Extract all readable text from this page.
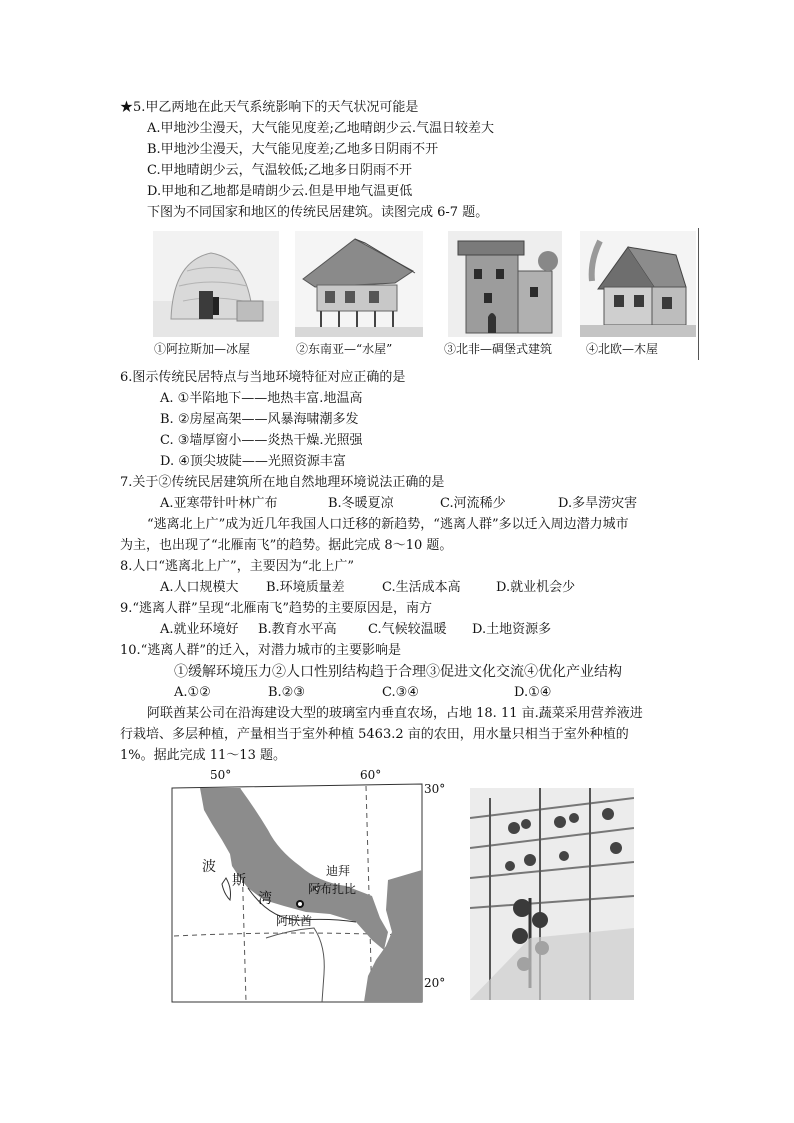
★5.甲乙两地在此天气系统影响下的天气状况可能是
A.甲地沙尘漫天，大气能见度差;乙地晴朗少云.气温日较差大
B.甲地沙尘漫天，大气能见度差;乙地多日阴雨不开
C.甲地晴朗少云，气温较低;乙地多日阴雨不开
D.甲地和乙地都是晴朗少云.但是甲地气温更低
下图为不同国家和地区的传统民居建筑。读图完成 6-7 题。
①阿拉斯加—冰屋	②东南亚—“水屋”	③北非—碉堡式建筑	④北欧—木屋
6.图示传统民居特点与当地环境特征对应正确的是
A. ①半陷地下——地热丰富.地温高
B. ②房屋高架——风暴海啸潮多发
C. ③墙厚窗小——炎热干燥.光照强
D. ④顶尖坡陡——光照资源丰富
7.关于②传统民居建筑所在地自然地理环境说法正确的是
A.亚寒带针叶林广布	B.冬暖夏凉	C.河流稀少	D.多旱涝灾害
“逃离北上广”成为近几年我国人口迁移的新趋势，“逃离人群”多以迁入周边潜力城市
为主，也出现了“北雁南飞”的趋势。据此完成 8～10 题。
8.人口“逃离北上广”，主要因为“北上广”
A.人口规模大 B.环境质量差	C.生活成本高	D.就业机会少
9.“逃离人群”呈现“北雁南飞”趋势的主要原因是，南方
A.就业环境好 B.教育水平高 C.气候较温暖 D.土地资源多
10.“逃离人群”的迁入，对潜力城市的主要影响是
①缓解环境压力②人口性别结构趋于合理③促进文化交流④优化产业结构
A.①②	B.②③	C.③④	D.①④
阿联酋某公司在沿海建设大型的玻璃室内垂直农场，占地 18. 11 亩.蔬菜采用营养液进
行栽培、多层种植，产量相当于室外种植 5463.2 亩的农田，用水量只相当于室外种植的
1%。据此完成 11～13 题。
50°	60°
30°
20°
波
斯
湾
迪拜
阿布扎比
阿联酋
